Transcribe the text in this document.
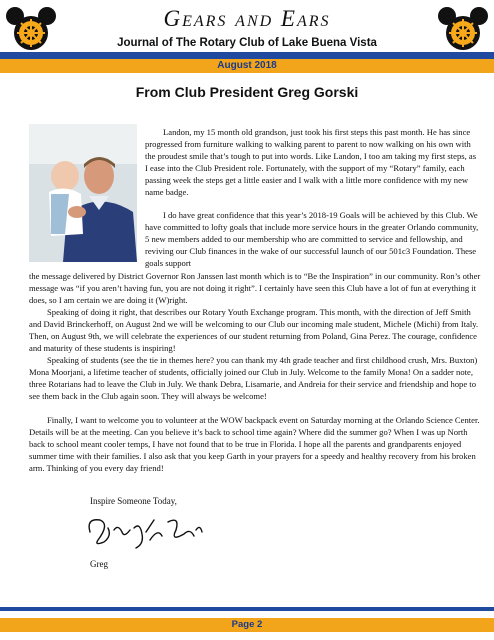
Gears and Ears
Journal of The Rotary Club of Lake Buena Vista
August 2018
From Club President Greg Gorski

Landon, my 15 month old grandson, just took his first steps this past month. He has since progressed from furniture walking to walking parent to parent to now walking on his own with the proudest smile that’s tough to put into words. Like Landon, I too am taking my first steps, as I ease into the Club President role. Fortunately, with the support of my “Rotary” family, each passing week the steps get a little easier and I walk with a little more confidence with my new name badge.

I do have great confidence that this year’s 2018-19 Goals will be achieved by this Club. We have committed to lofty goals that include more service hours in the greater Orlando community, 5 new members added to our membership who are committed to service and fellowship, and reviving our Club finances in the wake of our successful launch of our 501c3 Foundation. These goals support

the message delivered by District Governor Ron Janssen last month which is to “Be the Inspiration” in our community. Ron’s other message was “if you aren’t having fun, you are not doing it right”. I certainly have seen this Club have a lot of fun at everything it does, so I am certain we are doing it (W)right.

Speaking of doing it right, that describes our Rotary Youth Exchange program. This month, with the direction of Jeff Smith and David Brinckerhoff, on August 2nd we will be welcoming to our Club our incoming male student, Michele (Michi) from Italy. Then, on August 9th, we will celebrate the experiences of our student returning from Poland, Gina Perez. The courage, confidence and maturity of these students is inspiring!

Speaking of students (see the tie in themes here? you can thank my 4th grade teacher and first childhood crush, Mrs. Buxton) Mona Moorjani, a lifetime teacher of students, officially joined our Club in July. Welcome to the family Mona! On a sadder note, three Rotarians had to leave the Club in July. We thank Debra, Lisamarie, and Andreia for their service and friendship and hope to see them back in the Club again soon. They will always be welcome!

Finally, I want to welcome you to volunteer at the WOW backpack event on Saturday morning at the Orlando Science Center. Details will be at the meeting. Can you believe it’s back to school time again? Where did the summer go? When I was up North back to school meant cooler temps, I have not found that to be true in Florida. I hope all the parents and grandparents enjoyed summer time with their families. I also ask that you keep Garth in your prayers for a speedy and healthy recovery from his broken arm. Thinking of you every day friend!

Inspire Someone Today,
Greg
Page 2
